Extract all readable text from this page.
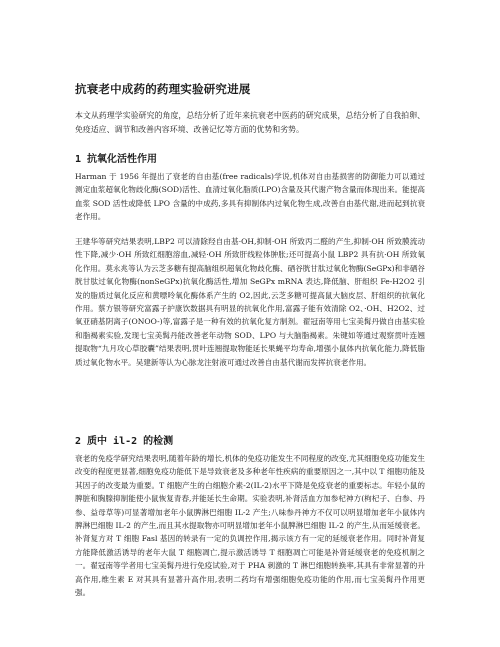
抗衰老中成药的药理实验研究进展

本文从药理学实验研究的角度，总结分析了近年来抗衰老中医药的研究成果，总结分析了自我拍卵、免疫适应、调节和改善内容环境、改善记忆等方面的优势和劣势。

1 抗氧化活性作用

Harman 于 1956 年提出了衰老的自由基(free radicals)学说,机体对自由基损害的防御能力可以通过测定血浆超氧化物歧化酶(SOD)活性、血清过氧化脂质(LPO)含量及其代谢产物含量而体现出来。能提高血浆 SOD 活性或降低 LPO 含量的中成药,多具有抑制体内过氧化物生成,改善自由基代谢,进而起到抗衰老作用。

王建华等研究结果表明,LBP2 可以清除羟自由基·OH,抑制·OH 所致丙二醛的产生,抑制·OH 所致膜流动性下降,减少·OH 所致红细胞溶血,减轻·OH 所致肝线粒体肿胀;还可提高小鼠 LBP2 具有抗·OH 所致氧化作用。莫永兆等认为云芝多糖有提高脑组织超氧化物歧化酶、硒谷胱甘肽过氧化物酶(SeGPx)和非硒谷胱甘肽过氧化物酶(nonSeGPx)抗氧化酶活性,增加 SeGPx mRNA 表达,降低脑、肝组织 Fe-H2O2 引发的脂质过氧化反应和黄嘌呤氧化酶体系产生的 O2,因此,云芝多糖可提高鼠大脑皮层、肝组织的抗氧化作用。蔡方银等研究富露子护康饮数据具有明显的抗氧化作用,富露子能有效清除 O2、·OH、H2O2、过氧亚硝基阴离子(ONOO-)等,富露子是一种有效的抗氧化复方制剂。翟冠南等用七宝美髯丹做自由基实验和脂褐素实验,发现七宝美髯丹能改善老年动物 SOD、LPO 与大脑脂褐素。朱键如等通过观察贯叶连翘提取物“九月攻心草胶囊”结果表明,贯叶连翘提取物能延长果蝇平均寿命,增强小鼠体内抗氧化能力,降低脂质过氧化物水平。吴建新等认为心脉龙注射液可通过改善自由基代谢而发挥抗衰老作用。

2 质中 il-2 的检测

衰老的免疫学研究结果表明,随着年龄的增长,机体的免疫功能发生不同程度的改变,尤其细胞免疫功能发生改变的程度更显著,细胞免疫功能低下是导致衰老及多种老年性疾病的重要原因之一,其中以 T 细胞功能及其因子的改变最为重要。T 细胞产生的白细胞介素-2(IL-2)水平下降是免疫衰老的重要标志。年轻小鼠的脾脏和胸腺抑制能使小鼠恢复青春,并能延长生命期。实验表明,补肾活血方加参杞神方(枸杞子、白参、丹参、益母草等)可显著增加老年小鼠脾淋巴细胞 IL-2 产生;八味参丹神方不仅可以明显增加老年小鼠体内脾淋巴细胞 IL-2 的产生,而且其水提取物亦可明显增加老年小鼠脾淋巴细胞 IL-2 的产生,从而延缓衰老。补肾复方对 T 细胞 Fasl 基因的转录有一定的负调控作用,揭示该方有一定的延缓衰老作用。同时补肾复方能降低激活诱导的老年大鼠 T 细胞凋亡,提示激活诱导 T 细胞凋亡可能是补肾延缓衰老的免疫机制之一。翟冠南等学者用七宝美髯丹进行免疫试验,对于 PHA 刺激的 T 淋巴细胞转换率,其具有非常显著的升高作用,维生素 E 对其具有显著升高作用,表明二药均有增强细胞免疫功能的作用,而七宝美髯丹作用更强。
